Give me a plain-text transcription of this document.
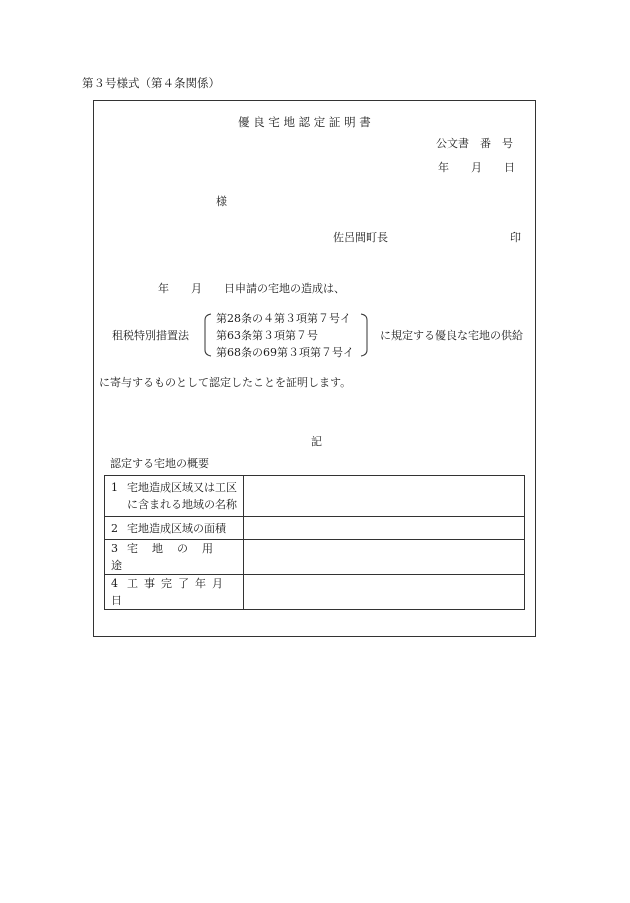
第３号様式（第４条関係）
優 良 宅 地 認 定 証 明 書
公文書　番　号
年　　月　　日
様
佐呂間町長	印
年　　月　　日申請の宅地の造成は、
租税特別措置法
第28条の４第３項第７号イ
第63条第３項第７号
第68条の69第３項第７号イ
に規定する優良な宅地の供給
に寄与するものとして認定したことを証明します。
記
認定する宅地の概要
1 宅地造成区域又は工区
に含まれる地域の名称	

2 宅地造成区域の面積	
3 宅地の用途	
4 工事完了年月日	
